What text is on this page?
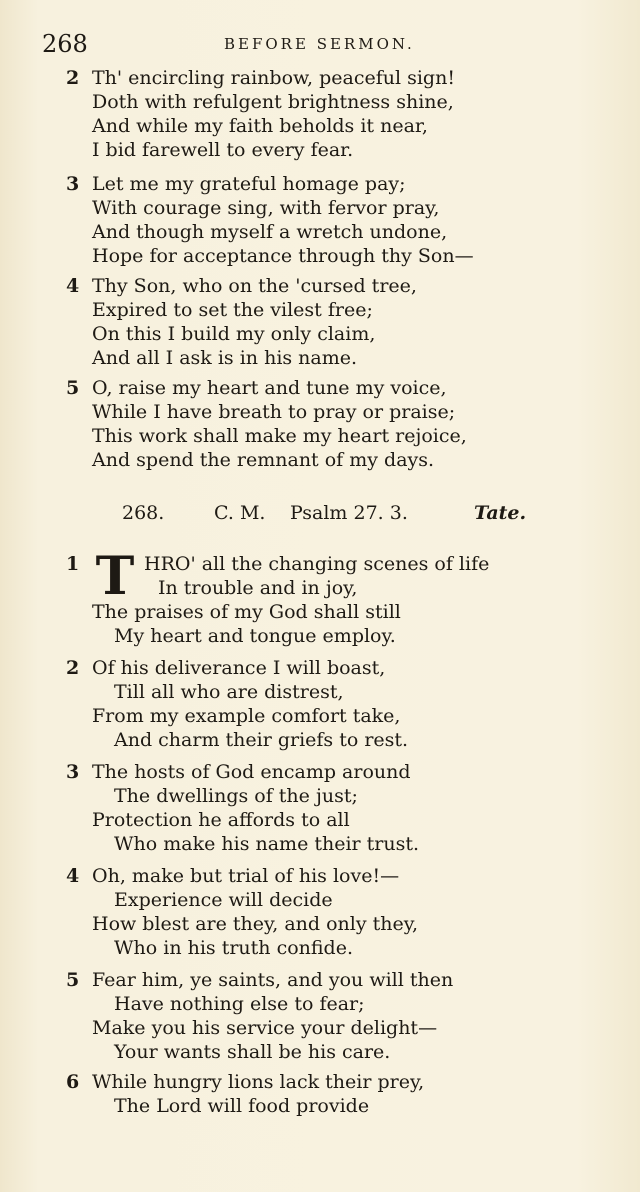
268	BEFORE SERMON.
2 Th' encircling rainbow, peaceful sign!
Doth with refulgent brightness shine,
And while my faith beholds it near,
I bid farewell to every fear.
3 Let me my grateful homage pay;
With courage sing, with fervor pray,
And though myself a wretch undone,
Hope for acceptance through thy Son—
4 Thy Son, who on the 'cursed tree,
Expired to set the vilest free;
On this I build my only claim,
And all I ask is in his name.
5 O, raise my heart and tune my voice,
While I have breath to pray or praise;
This work shall make my heart rejoice,
And spend the remnant of my days.
268.	C. M. Psalm 27. 3.	Tate.
T
1	HRO' all the changing scenes of life
In trouble and in joy,
The praises of my God shall still
My heart and tongue employ.
2 Of his deliverance I will boast,
Till all who are distrest,
From my example comfort take,
And charm their griefs to rest.
3 The hosts of God encamp around
The dwellings of the just;
Protection he affords to all
Who make his name their trust.
4 Oh, make but trial of his love!—
Experience will decide
How blest are they, and only they,
Who in his truth confide.
5 Fear him, ye saints, and you will then
Have nothing else to fear;
Make you his service your delight—
Your wants shall be his care.
6 While hungry lions lack their prey,
The Lord will food provide
